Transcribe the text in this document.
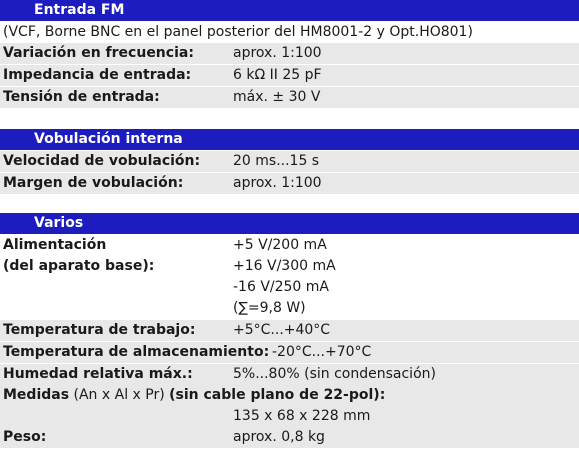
Entrada FM
(VCF, Borne BNC en el panel posterior del HM8001-2 y Opt.HO801)
Variación en frecuencia:	aprox. 1:100
Impedancia de entrada:	6 kΩ II 25 pF
Tensión de entrada:	máx. ± 30 V
Vobulación interna
Velocidad de vobulación: 20 ms...15 s
Margen de vobulación:	aprox. 1:100
Varios
Alimentación	+5 V/200 mA
(del aparato base):	+16 V/300 mA
-16 V/250 mA
(∑=9,8 W)
Temperatura de trabajo:	+5°C...+40°C
Temperatura de almacenamiento: -20°C...+70°C
Humedad relativa máx.:	5%...80% (sin condensación)
Medidas (An x Al x Pr) (sin cable plano de 22-pol):
135 x 68 x 228 mm
Peso:	aprox. 0,8 kg
